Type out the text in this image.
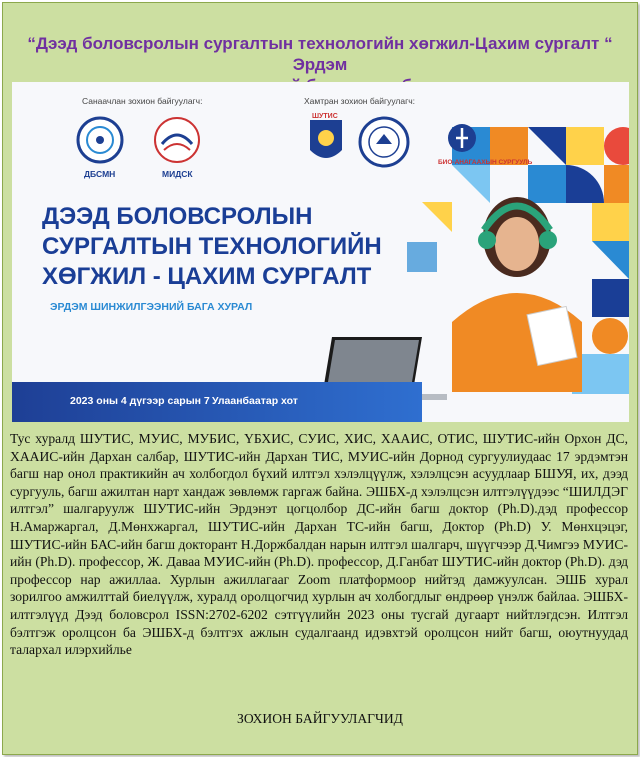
“Дээд боловсролын сургалтын технологийн хөгжил-Цахим сургалт “ Эрдэм
Санаачлан зохион байгуулагч:	Хамтран зохион байгуулагч:
ДБСМН	МИДСК
ШУТИС
БИО-АНАГААХЫН СУРГУУЛЬ
ДЭЭД БОЛОВСРОЛЫН
СУРГАЛТЫН ТЕХНОЛОГИЙН
ХӨГЖИЛ - ЦАХИМ СУРГАЛТ
ЭРДЭМ ШИНЖИЛГЭЭНИЙ БАГА ХУРАЛ
2023 оны 4 дүгээр сарын 7 Улаанбаатар хот

Тус хуралд ШУТИС, МУИС, МУБИС, ҮБХИС, СУИС, ХИС, ХААИС, ОТИС, ШУТИС-ийн Орхон ДС, ХААИС-ийн Дархан салбар, ШУТИС-ийн Дархан ТИС, МУИС-ийн Дорнод сургуулиудаас 17 эрдэмтэн багш нар онол практикийн ач холбогдол бүхий илтгэл хэлэлцүүлж, хэлэлцсэн асуудлаар БШУЯ, их, дээд сургууль, багш ажилтан нарт хандаж зөвлөмж гаргаж байна. ЭШБХ-д хэлэлцсэн илтгэлүүдээс “ШИЛДЭГ илтгэл” шалгаруулж ШУТИС-ийн Эрдэнэт цогцолбор ДС-ийн багш доктор (Ph.D).дэд профессор Н.Амаржаргал, Д.Мөнхжаргал, ШУТИС-ийн Дархан ТС-ийн багш, Доктор (Ph.D) У. Мөнхцэцэг, ШУТИС-ийн БАС-ийн багш докторант Н.Доржбалдан нарын илтгэл шалгарч, шүүгчээр Д.Чимгээ МУИС-ийн (Ph.D). профессор, Ж. Даваа МУИС-ийн (Ph.D). профессор, Д.Ганбат ШУТИС-ийн доктор (Ph.D). дэд профессор нар ажиллаа. Хурлын ажиллагааг Zoom платформоор нийтэд дамжуулсан. ЭШБ хурал зорилгоо амжилттай биелүүлж, хуралд оролцогчид хурлын ач холбогдлыг өндрөөр үнэлж байлаа. ЭШБХ- илтгэлүүд Дээд боловсрол ISSN:2702-6202 сэтгүүлийн 2023 оны тусгай дугаарт нийтлэгдсэн. Илтгэл бэлтгэж оролцсон ба ЭШБХ-д бэлтгэх ажлын судалгаанд идэвхтэй оролцсон нийт багш, оюутнуудад талархал илэрхийлье

ЗОХИОН БАЙГУУЛАГЧИД
